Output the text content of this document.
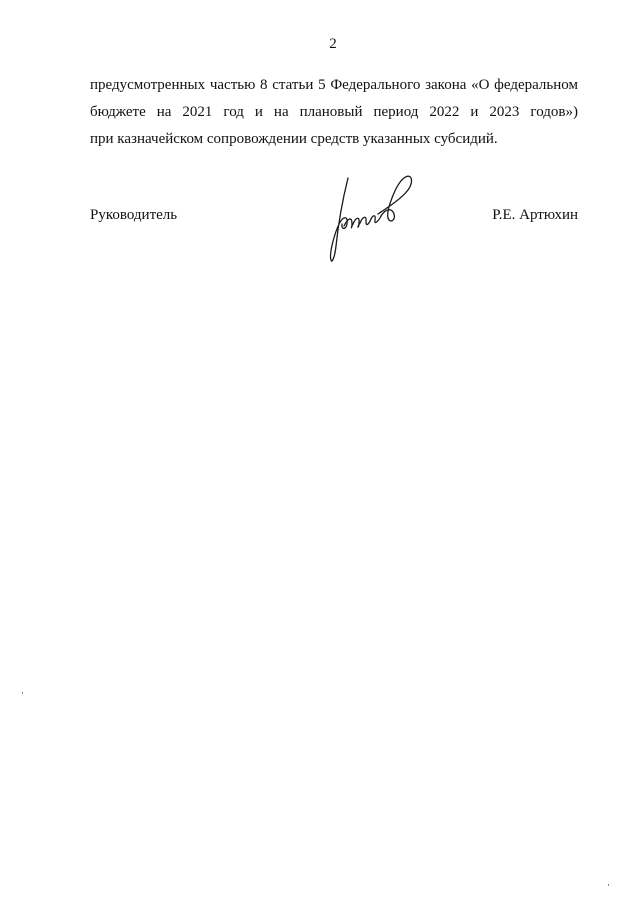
2
предусмотренных частью 8 статьи 5 Федерального закона «О федеральном
бюджете на 2021 год и на плановый период 2022 и 2023 годов»)
при казначейском сопровождении средств указанных субсидий.
Руководитель	Р.Е. Артюхин
